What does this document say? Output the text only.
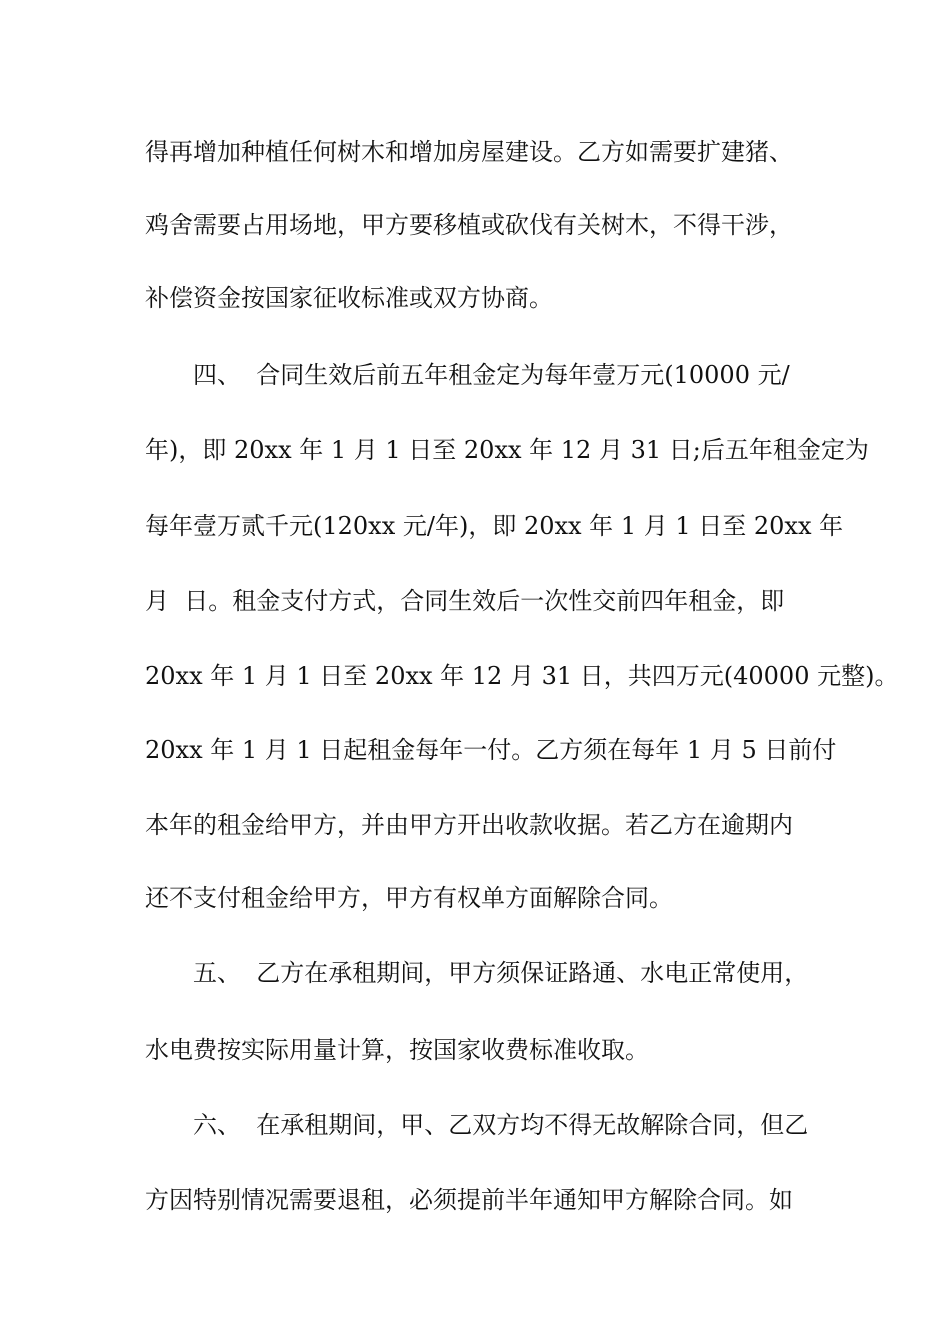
得再增加种植任何树木和增加房屋建设。乙方如需要扩建猪、
鸡舍需要占用场地，甲方要移植或砍伐有关树木，不得干涉，
补偿资金按国家征收标准或双方协商。
四、  合同生效后前五年租金定为每年壹万元(10000 元/
年)，即 20xx 年 1 月 1 日至 20xx 年 12 月 31 日;后五年租金定为
每年壹万贰千元(120xx 元/年)，即 20xx 年 1 月 1 日至 20xx 年
月  日。租金支付方式，合同生效后一次性交前四年租金，即
20xx 年 1 月 1 日至 20xx 年 12 月 31 日，共四万元(40000 元整)。
20xx 年 1 月 1 日起租金每年一付。乙方须在每年 1 月 5 日前付
本年的租金给甲方，并由甲方开出收款收据。若乙方在逾期内
还不支付租金给甲方，甲方有权单方面解除合同。
五、  乙方在承租期间，甲方须保证路通、水电正常使用，
水电费按实际用量计算，按国家收费标准收取。
六、  在承租期间，甲、乙双方均不得无故解除合同，但乙
方因特别情况需要退租，必须提前半年通知甲方解除合同。如
